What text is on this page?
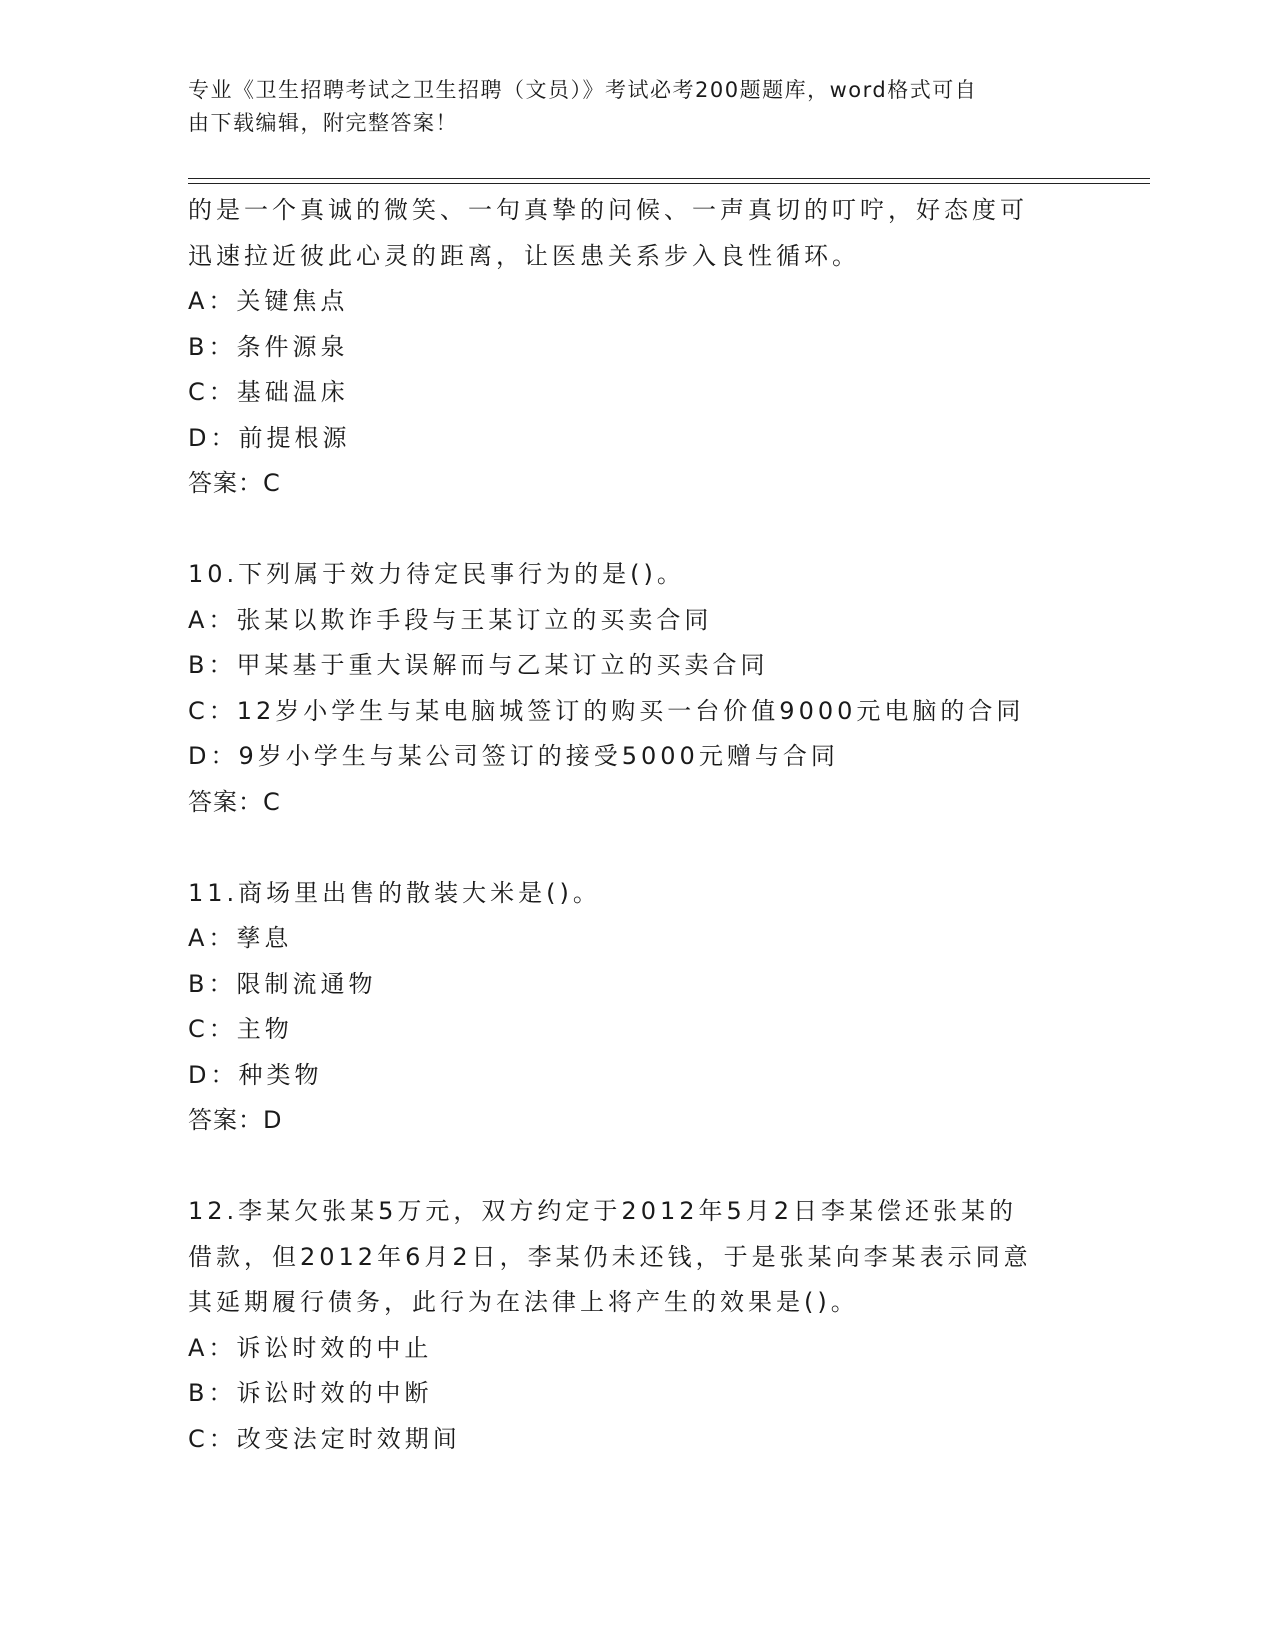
专业《卫生招聘考试之卫生招聘（文员）》考试必考200题题库，word格式可自
由下载编辑，附完整答案！
的是一个真诚的微笑、一句真挚的问候、一声真切的叮咛，好态度可
迅速拉近彼此心灵的距离，让医患关系步入良性循环。
A：关键焦点
B：条件源泉
C：基础温床
D：前提根源
答案：C
10.下列属于效力待定民事行为的是()。
A：张某以欺诈手段与王某订立的买卖合同
B：甲某基于重大误解而与乙某订立的买卖合同
C：12岁小学生与某电脑城签订的购买一台价值9000元电脑的合同
D：9岁小学生与某公司签订的接受5000元赠与合同
答案：C
11.商场里出售的散装大米是()。
A：孳息
B：限制流通物
C：主物
D：种类物
答案：D
12.李某欠张某5万元，双方约定于2012年5月2日李某偿还张某的
借款，但2012年6月2日，李某仍未还钱，于是张某向李某表示同意
其延期履行债务，此行为在法律上将产生的效果是()。
A：诉讼时效的中止
B：诉讼时效的中断
C：改变法定时效期间
